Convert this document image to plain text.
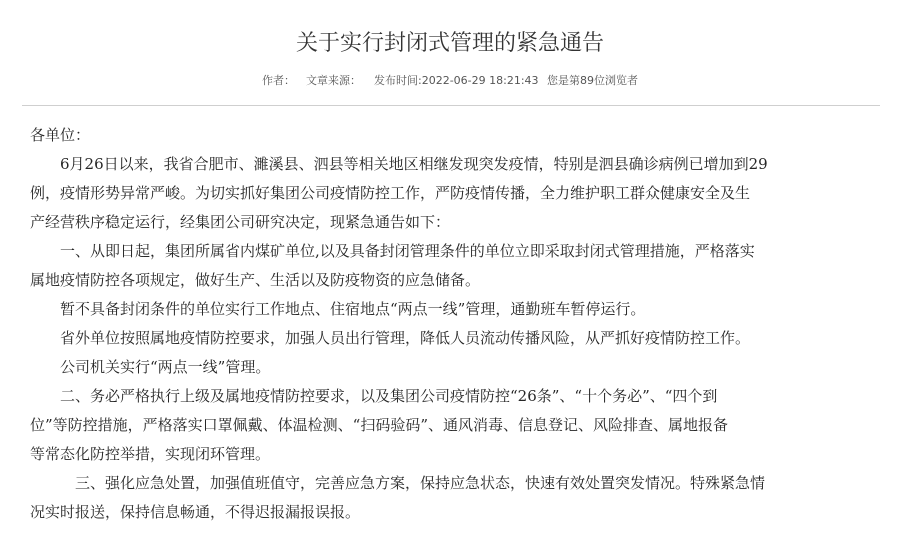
关于实行封闭式管理的紧急通告
作者： 文章来源： 发布时间:2022-06-29 18:21:43 您是第89位浏览者

各单位：

6月26日以来，我省合肥市、濉溪县、泗县等相关地区相继发现突发疫情，特别是泗县确诊病例已增加到29

例，疫情形势异常严峻。为切实抓好集团公司疫情防控工作，严防疫情传播，全力维护职工群众健康安全及生

产经营秩序稳定运行，经集团公司研究决定，现紧急通告如下：

一、从即日起，集团所属省内煤矿单位,以及具备封闭管理条件的单位立即采取封闭式管理措施，严格落实

属地疫情防控各项规定，做好生产、生活以及防疫物资的应急储备。

暂不具备封闭条件的单位实行工作地点、住宿地点“两点一线”管理，通勤班车暂停运行。

省外单位按照属地疫情防控要求，加强人员出行管理，降低人员流动传播风险，从严抓好疫情防控工作。

公司机关实行“两点一线”管理。

二、务必严格执行上级及属地疫情防控要求，以及集团公司疫情防控“26条”、“十个务必”、“四个到

位”等防控措施，严格落实口罩佩戴、体温检测、“扫码验码”、通风消毒、信息登记、风险排查、属地报备

等常态化防控举措，实现闭环管理。

三、强化应急处置，加强值班值守，完善应急方案，保持应急状态，快速有效处置突发情况。特殊紧急情

况实时报送，保持信息畅通，不得迟报漏报误报。
